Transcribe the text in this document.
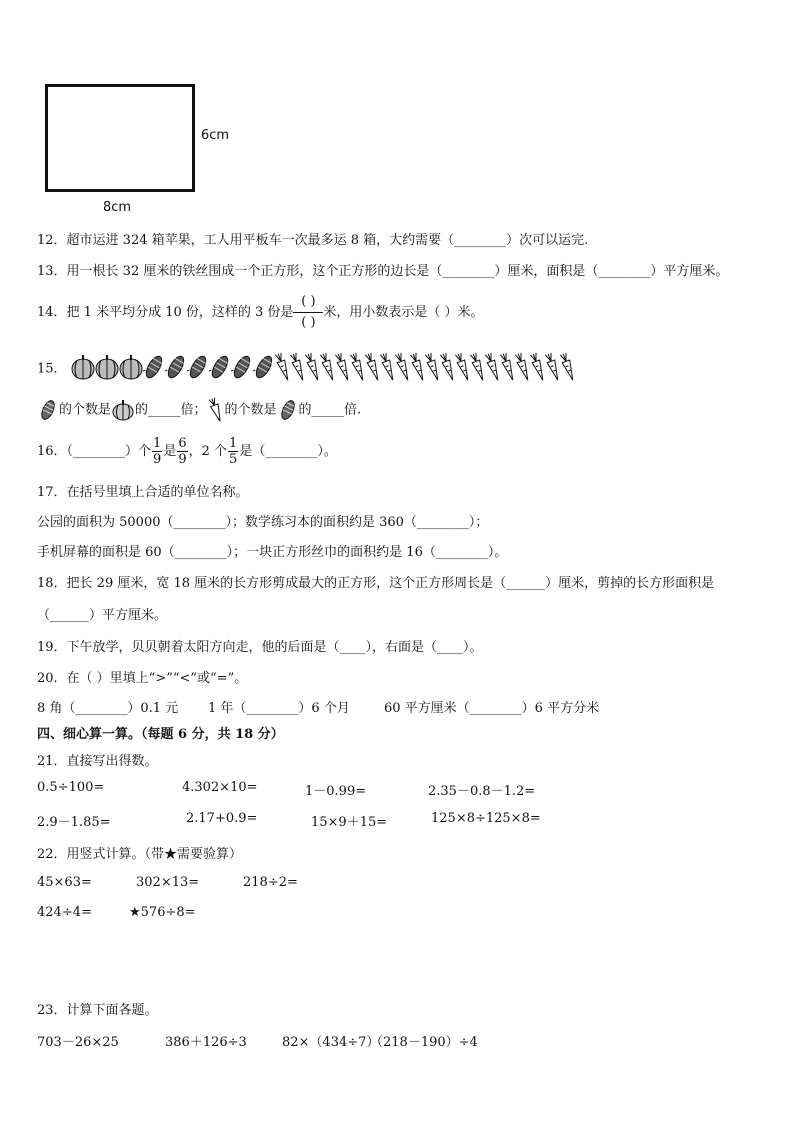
6cm
8cm
12．超市运进 324 箱苹果，工人用平板车一次最多运 8 箱，大约需要（________）次可以运完.
13．用一根长 32 厘米的铁丝围成一个正方形，这个正方形的边长是（________）厘米，面积是（________）平方厘米。
14．把 1 米平均分成 10 份，这样的 3 份是
( )
( )
米，用小数表示是（ ）米。
15．
的个数是 的_____倍； 的个数是 的_____倍.
16．（________）个 $\frac{1}{9}$ 是 $\frac{6}{9}$ ，2 个 $\frac{1}{5}$ 是（________）。
17．在括号里填上合适的单位名称。
公园的面积为 50000（________）；数学练习本的面积约是 360（________）；
手机屏幕的面积是 60（________）；一块正方形丝巾的面积约是 16（________）。
18．把长 29 厘米，宽 18 厘米的长方形剪成最大的正方形，这个正方形周长是（______）厘米，剪掉的长方形面积是
（______）平方厘米。
19．下午放学，贝贝朝着太阳方向走，他的后面是（____），右面是（____）。
20．在（ ）里填上“>”“<”或“=”。
8 角（________）0.1 元 1 年（________）6 个月	60 平方厘米（________）6 平方分米
四、细心算一算。（每题 6 分，共 18 分）
21．直接写出得数。
0.5÷100=	4.302×10=	1－0.99=	2.35－0.8－1.2=
2.9－1.85=	2.17+0.9=	15×9＋15=	125×8÷125×8=
22．用竖式计算。（带★需要验算）
45×63=	302×13=	218÷2=
424÷4=	★576÷8=
23．计算下面各题。
703－26×25	386＋126÷3	82×（434÷7）
（218－190）÷4
